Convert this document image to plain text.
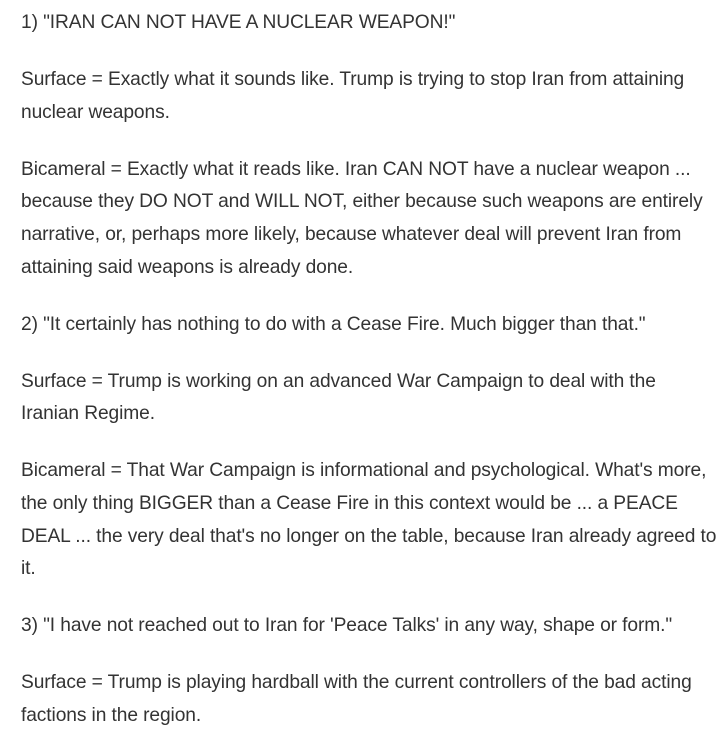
1) "IRAN CAN NOT HAVE A NUCLEAR WEAPON!"

Surface = Exactly what it sounds like. Trump is trying to stop Iran from attaining nuclear weapons.

Bicameral = Exactly what it reads like. Iran CAN NOT have a nuclear weapon ... because they DO NOT and WILL NOT, either because such weapons are entirely narrative, or, perhaps more likely, because whatever deal will prevent Iran from attaining said weapons is already done.

2) "It certainly has nothing to do with a Cease Fire. Much bigger than that."

Surface = Trump is working on an advanced War Campaign to deal with the Iranian Regime.

Bicameral = That War Campaign is informational and psychological. What's more, the only thing BIGGER than a Cease Fire in this context would be ... a PEACE DEAL ... the very deal that's no longer on the table, because Iran already agreed to it.

3) "I have not reached out to Iran for 'Peace Talks' in any way, shape or form."

Surface = Trump is playing hardball with the current controllers of the bad acting factions in the region.
